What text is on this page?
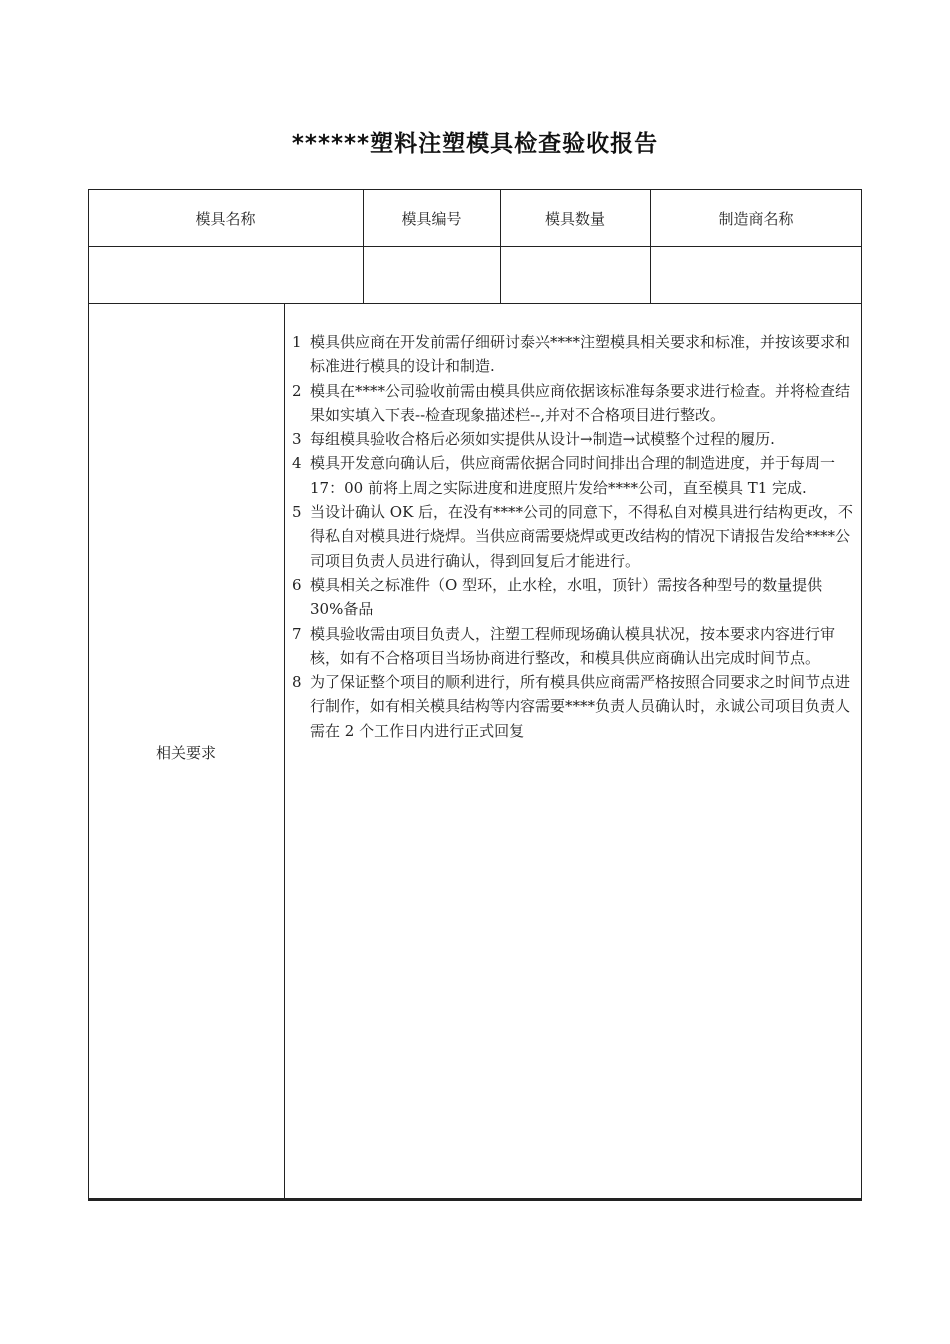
******塑料注塑模具检查验收报告
模具名称	模具编号	模具数量	制造商名称
相关要求
1 模具供应商在开发前需仔细研讨泰兴****注塑模具相关要求和标准，并按该要求和标准进行模具的设计和制造.
2 模具在****公司验收前需由模具供应商依据该标准每条要求进行检查。并将检查结果如实填入下表--检查现象描述栏--,并对不合格项目进行整改。
3 每组模具验收合格后必须如实提供从设计→制造→试模整个过程的履历.
4 模具开发意向确认后，供应商需依据合同时间排出合理的制造进度，并于每周一 17：00 前将上周之实际进度和进度照片发给****公司，直至模具 T1 完成.
5 当设计确认 OK 后，在没有****公司的同意下，不得私自对模具进行结构更改，不得私自对模具进行烧焊。当供应商需要烧焊或更改结构的情况下请报告发给****公司项目负责人员进行确认，得到回复后才能进行。
6 模具相关之标准件（O 型环，止水栓，水咀，顶针）需按各种型号的数量提供 30%备品
7 模具验收需由项目负责人，注塑工程师现场确认模具状况，按本要求内容进行审核，如有不合格项目当场协商进行整改，和模具供应商确认出完成时间节点。
8 为了保证整个项目的顺利进行，所有模具供应商需严格按照合同要求之时间节点进行制作，如有相关模具结构等内容需要****负责人员确认时，永诚公司项目负责人需在 2 个工作日内进行正式回复
